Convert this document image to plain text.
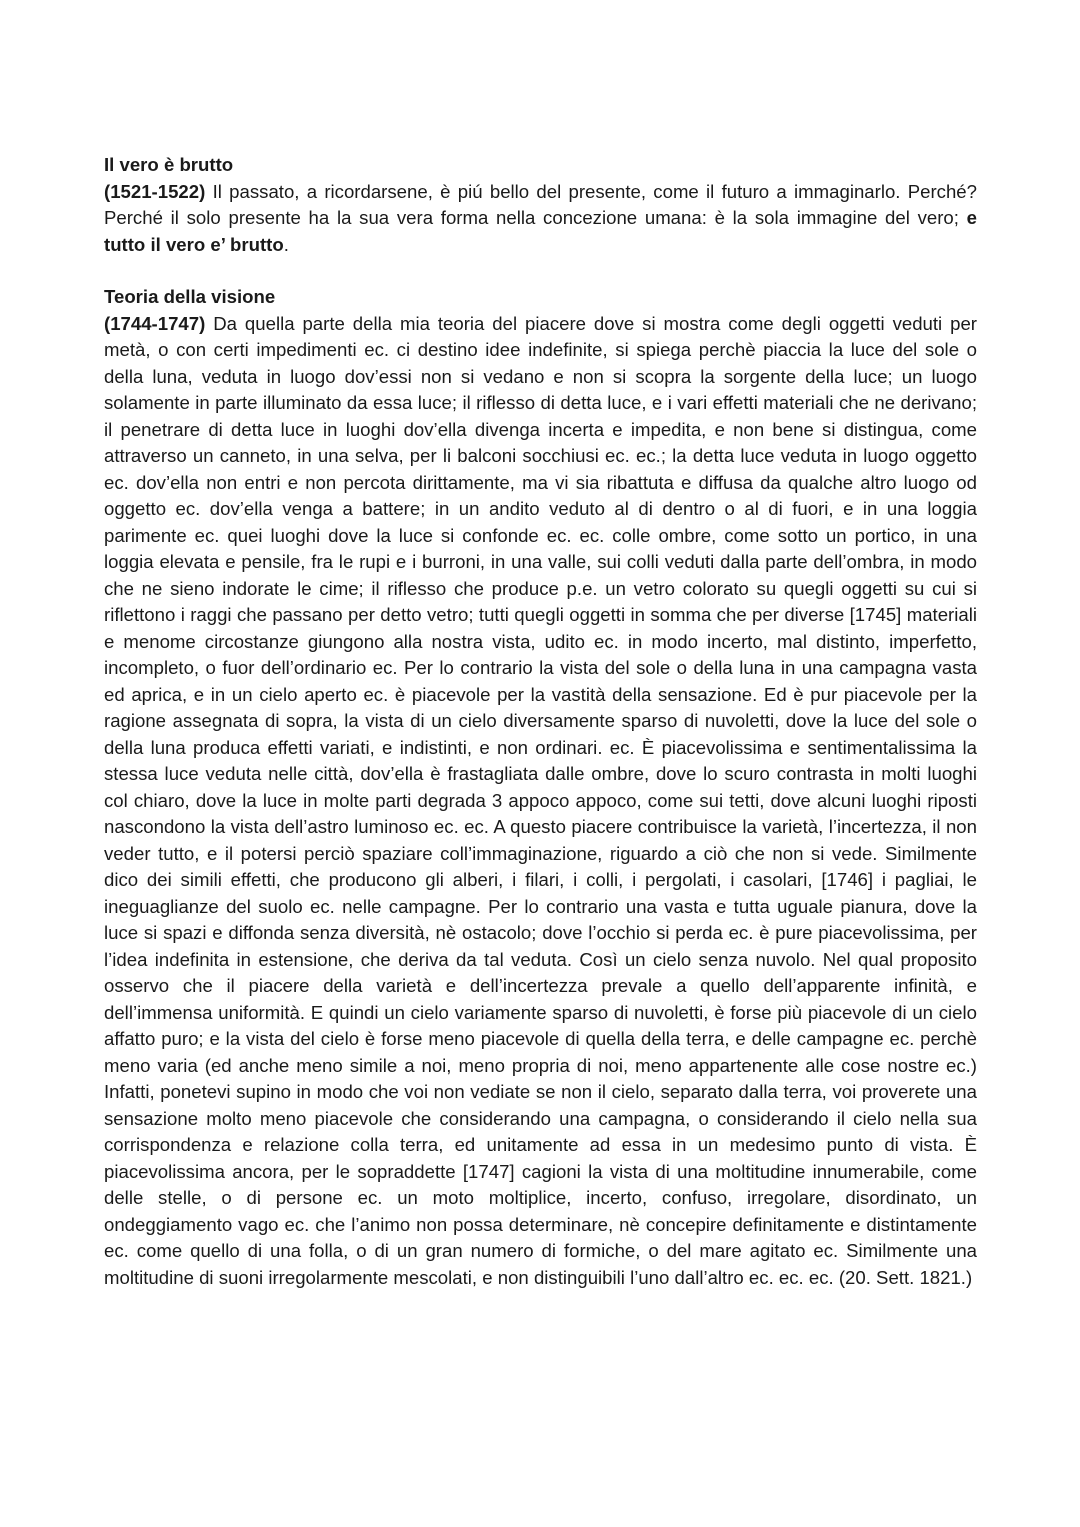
Il vero è brutto

(1521-1522) Il passato, a ricordarsene, è piú bello del presente, come il futuro a immaginarlo. Perché? Perché il solo presente ha la sua vera forma nella concezione umana: è la sola immagine del vero; e tutto il vero e’ brutto.

Teoria della visione

(1744-1747) Da quella parte della mia teoria del piacere dove si mostra come degli oggetti veduti per metà, o con certi impedimenti ec. ci destino idee indefinite, si spiega perchè piaccia la luce del sole o della luna, veduta in luogo dov’essi non si vedano e non si scopra la sorgente della luce; un luogo solamente in parte illuminato da essa luce; il riflesso di detta luce, e i vari effetti materiali che ne derivano; il penetrare di detta luce in luoghi dov’ella divenga incerta e impedita, e non bene si distingua, come attraverso un canneto, in una selva, per li balconi socchiusi ec. ec.; la detta luce veduta in luogo oggetto ec. dov’ella non entri e non percota dirittamente, ma vi sia ribattuta e diffusa da qualche altro luogo od oggetto ec. dov’ella venga a battere; in un andito veduto al di dentro o al di fuori, e in una loggia parimente ec. quei luoghi dove la luce si confonde ec. ec. colle ombre, come sotto un portico, in una loggia elevata e pensile, fra le rupi e i burroni, in una valle, sui colli veduti dalla parte dell’ombra, in modo che ne sieno indorate le cime; il riflesso che produce p.e. un vetro colorato su quegli oggetti su cui si riflettono i raggi che passano per detto vetro; tutti quegli oggetti in somma che per diverse [1745] materiali e menome circostanze giungono alla nostra vista, udito ec. in modo incerto, mal distinto, imperfetto, incompleto, o fuor dell’ordinario ec. Per lo contrario la vista del sole o della luna in una campagna vasta ed aprica, e in un cielo aperto ec. è piacevole per la vastità della sensazione. Ed è pur piacevole per la ragione assegnata di sopra, la vista di un cielo diversamente sparso di nuvoletti, dove la luce del sole o della luna produca effetti variati, e indistinti, e non ordinari. ec. È piacevolissima e sentimentalissima la stessa luce veduta nelle città, dov’ella è frastagliata dalle ombre, dove lo scuro contrasta in molti luoghi col chiaro, dove la luce in molte parti degrada 3 appoco appoco, come sui tetti, dove alcuni luoghi riposti nascondono la vista dell’astro luminoso ec. ec. A questo piacere contribuisce la varietà, l’incertezza, il non veder tutto, e il potersi perciò spaziare coll’immaginazione, riguardo a ciò che non si vede. Similmente dico dei simili effetti, che producono gli alberi, i filari, i colli, i pergolati, i casolari, [1746] i pagliai, le ineguaglianze del suolo ec. nelle campagne. Per lo contrario una vasta e tutta uguale pianura, dove la luce si spazi e diffonda senza diversità, nè ostacolo; dove l’occhio si perda ec. è pure piacevolissima, per l’idea indefinita in estensione, che deriva da tal veduta. Così un cielo senza nuvolo. Nel qual proposito osservo che il piacere della varietà e dell’incertezza prevale a quello dell’apparente infinità, e dell’immensa uniformità. E quindi un cielo variamente sparso di nuvoletti, è forse più piacevole di un cielo affatto puro; e la vista del cielo è forse meno piacevole di quella della terra, e delle campagne ec. perchè meno varia (ed anche meno simile a noi, meno propria di noi, meno appartenente alle cose nostre ec.) Infatti, ponetevi supino in modo che voi non vediate se non il cielo, separato dalla terra, voi proverete una sensazione molto meno piacevole che considerando una campagna, o considerando il cielo nella sua corrispondenza e relazione colla terra, ed unitamente ad essa in un medesimo punto di vista. È piacevolissima ancora, per le sopraddette [1747] cagioni la vista di una moltitudine innumerabile, come delle stelle, o di persone ec. un moto moltiplice, incerto, confuso, irregolare, disordinato, un ondeggiamento vago ec. che l’animo non possa determinare, nè concepire definitamente e distintamente ec. come quello di una folla, o di un gran numero di formiche, o del mare agitato ec. Similmente una moltitudine di suoni irregolarmente mescolati, e non distinguibili l’uno dall’altro ec. ec. ec. (20. Sett. 1821.)
